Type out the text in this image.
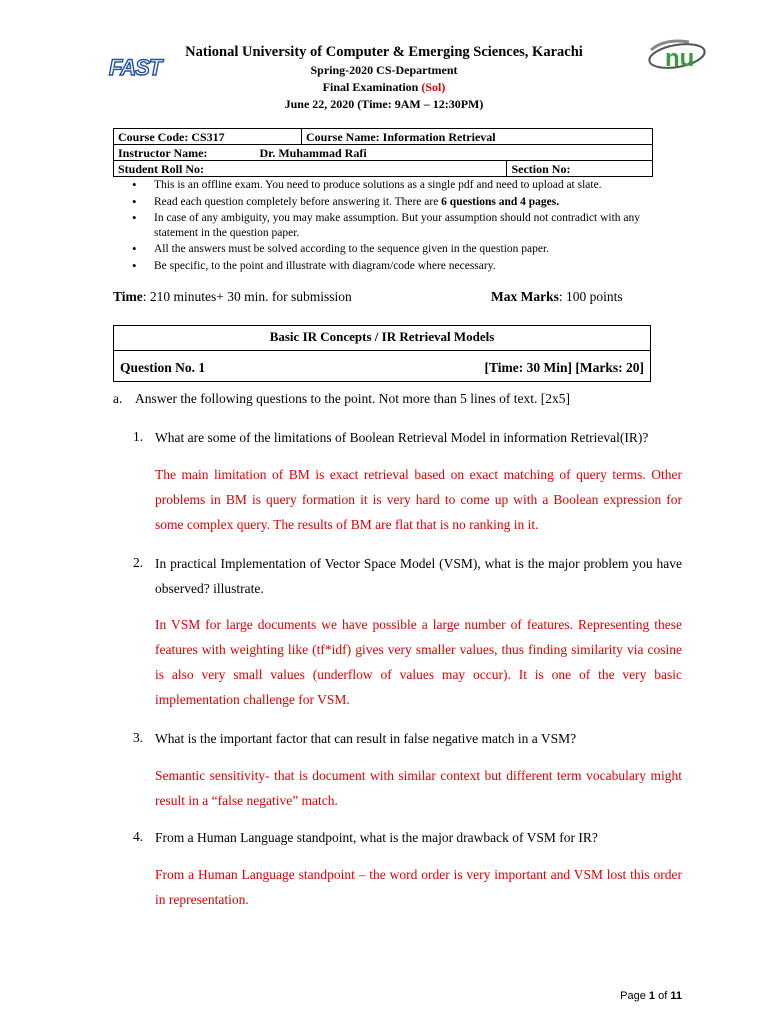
FAST	nu
National University of Computer & Emerging Sciences, Karachi
Spring-2020 CS-Department
Final Examination (Sol)
June 22, 2020 (Time: 9AM – 12:30PM)
Course Code: CS317	Course Name: Information Retrieval	
Instructor Name: Dr. Muhammad Rafi		
Student Roll No:		Section No:
• This is an offline exam. You need to produce solutions as a single pdf and need to upload at slate.
• Read each question completely before answering it. There are 6 questions and 4 pages.
• In case of any ambiguity, you may make assumption. But your assumption should not contradict with any statement in the question paper.
• All the answers must be solved according to the sequence given in the question paper.
• Be specific, to the point and illustrate with diagram/code where necessary.
Time: 210 minutes+ 30 min. for submission	Max Marks: 100 points
Basic IR Concepts / IR Retrieval Models
Question No. 1	[Time: 30 Min] [Marks: 20]
a. Answer the following questions to the point. Not more than 5 lines of text. [2x5]
1. What are some of the limitations of Boolean Retrieval Model in information Retrieval(IR)?
The main limitation of BM is exact retrieval based on exact matching of query terms. Other problems in BM is query formation it is very hard to come up with a Boolean expression for some complex query. The results of BM are flat that is no ranking in it.
2. In practical Implementation of Vector Space Model (VSM), what is the major problem you have observed? illustrate.
In VSM for large documents we have possible a large number of features. Representing these features with weighting like (tf*idf) gives very smaller values, thus finding similarity via cosine is also very small values (underflow of values may occur). It is one of the very basic implementation challenge for VSM.
3. What is the important factor that can result in false negative match in a VSM?
Semantic sensitivity- that is document with similar context but different term vocabulary might result in a “false negative” match.
4. From a Human Language standpoint, what is the major drawback of VSM for IR?
From a Human Language standpoint – the word order is very important and VSM lost this order in representation.
Page 1 of 11
